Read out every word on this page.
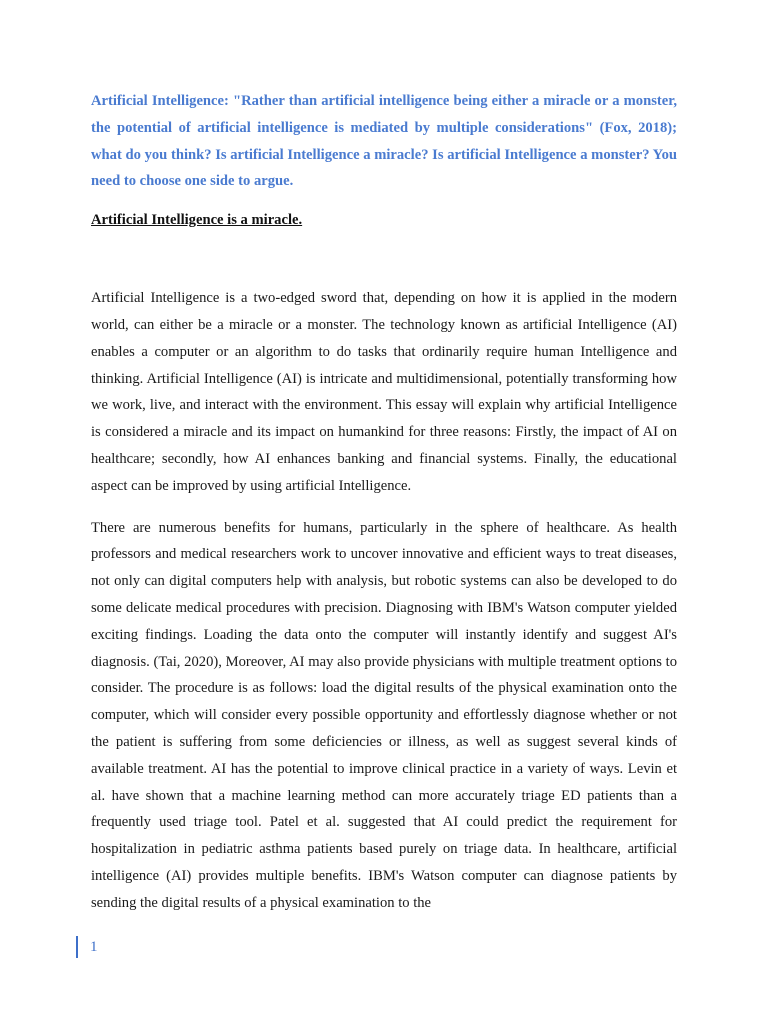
Artificial Intelligence: "Rather than artificial intelligence being either a miracle or a monster, the potential of artificial intelligence is mediated by multiple considerations" (Fox, 2018); what do you think? Is artificial Intelligence a miracle? Is artificial Intelligence a monster? You need to choose one side to argue.

Artificial Intelligence is a miracle.

Artificial Intelligence is a two-edged sword that, depending on how it is applied in the modern world, can either be a miracle or a monster. The technology known as artificial Intelligence (AI) enables a computer or an algorithm to do tasks that ordinarily require human Intelligence and thinking. Artificial Intelligence (AI) is intricate and multidimensional, potentially transforming how we work, live, and interact with the environment. This essay will explain why artificial Intelligence is considered a miracle and its impact on humankind for three reasons: Firstly, the impact of AI on healthcare; secondly, how AI enhances banking and financial systems. Finally, the educational aspect can be improved by using artificial Intelligence.

There are numerous benefits for humans, particularly in the sphere of healthcare. As health professors and medical researchers work to uncover innovative and efficient ways to treat diseases, not only can digital computers help with analysis, but robotic systems can also be developed to do some delicate medical procedures with precision. Diagnosing with IBM's Watson computer yielded exciting findings. Loading the data onto the computer will instantly identify and suggest AI's diagnosis. (Tai, 2020), Moreover, AI may also provide physicians with multiple treatment options to consider. The procedure is as follows: load the digital results of the physical examination onto the computer, which will consider every possible opportunity and effortlessly diagnose whether or not the patient is suffering from some deficiencies or illness, as well as suggest several kinds of available treatment. AI has the potential to improve clinical practice in a variety of ways. Levin et al. have shown that a machine learning method can more accurately triage ED patients than a frequently used triage tool. Patel et al. suggested that AI could predict the requirement for hospitalization in pediatric asthma patients based purely on triage data. In healthcare, artificial intelligence (AI) provides multiple benefits. IBM's Watson computer can diagnose patients by sending the digital results of a physical examination to the

1
